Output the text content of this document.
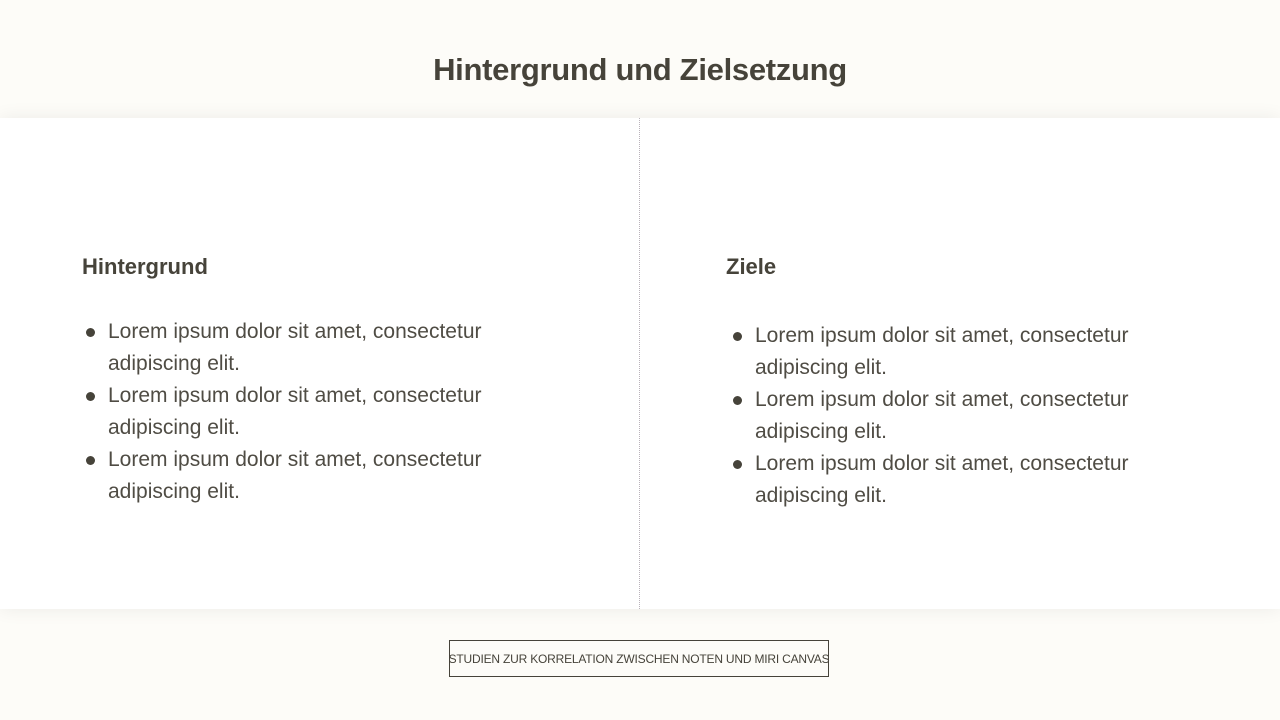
Hintergrund und Zielsetzung
Hintergrund
Lorem ipsum dolor sit amet, consectetur adipiscing elit.
Lorem ipsum dolor sit amet, consectetur adipiscing elit.
Lorem ipsum dolor sit amet, consectetur adipiscing elit.
Ziele
Lorem ipsum dolor sit amet, consectetur adipiscing elit.
Lorem ipsum dolor sit amet, consectetur adipiscing elit.
Lorem ipsum dolor sit amet, consectetur adipiscing elit.
STUDIEN ZUR KORRELATION ZWISCHEN NOTEN UND MIRI CANVAS
